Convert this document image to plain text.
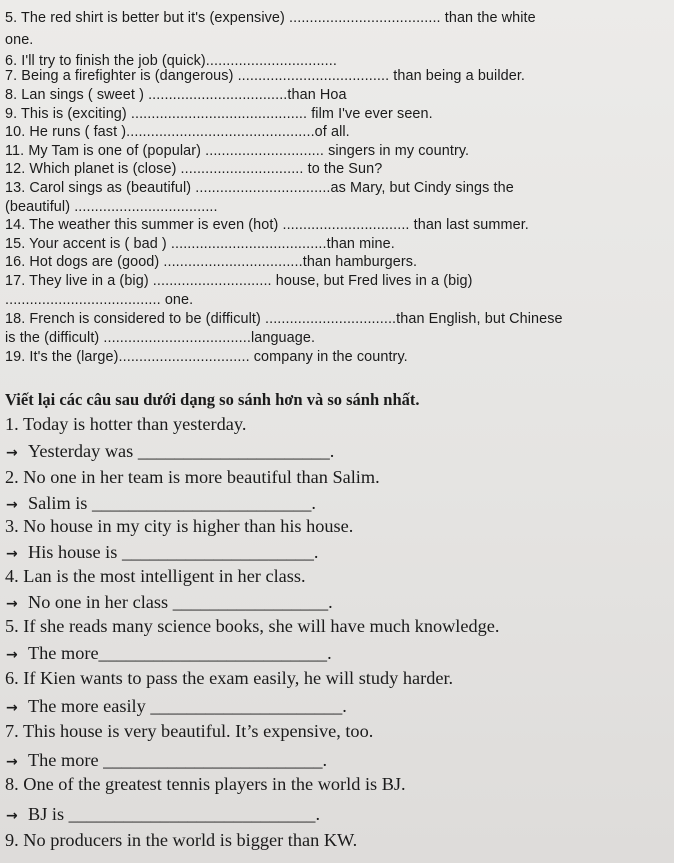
5. The red shirt is better but it's (expensive) ..................................... than the white
one.
6. I'll try to finish the job (quick)................................
7. Being a firefighter is (dangerous) ..................................... than being a builder.
8. Lan sings ( sweet ) ..................................than Hoa
9. This is (exciting) ........................................... film I've ever seen.
10. He runs ( fast )..............................................of all.
11. My Tam is one of (popular) ............................. singers in my country.
12. Which planet is (close) .............................. to the Sun?
13. Carol sings as (beautiful) .................................as Mary, but Cindy sings the
(beautiful) ...................................
14. The weather this summer is even (hot) ............................... than last summer.
15. Your accent is ( bad ) ......................................than mine.
16. Hot dogs are (good) ..................................than hamburgers.
17. They live in a (big) ............................. house, but Fred lives in a (big)
...................................... one.
18. French is considered to be (difficult) ................................than English, but Chinese
is the (difficult) ....................................language.
19. It's the (large)................................ company in the country.
Viết lại các câu sau dưới dạng so sánh hơn và so sánh nhất.
1. Today is hotter than yesterday.
→ Yesterday was _____________________.
2. No one in her team is more beautiful than Salim.
→ Salim is ________________________.
3. No house in my city is higher than his house.
→ His house is _____________________.
4. Lan is the most intelligent in her class.
→ No one in her class _________________.
5. If she reads many science books, she will have much knowledge.
→ The more_________________________.
6. If Kien wants to pass the exam easily, he will study harder.
→ The more easily _____________________.
7. This house is very beautiful. It’s expensive, too.
→ The more ________________________.
8. One of the greatest tennis players in the world is BJ.
→ BJ is ___________________________.
9. No producers in the world is bigger than KW.
